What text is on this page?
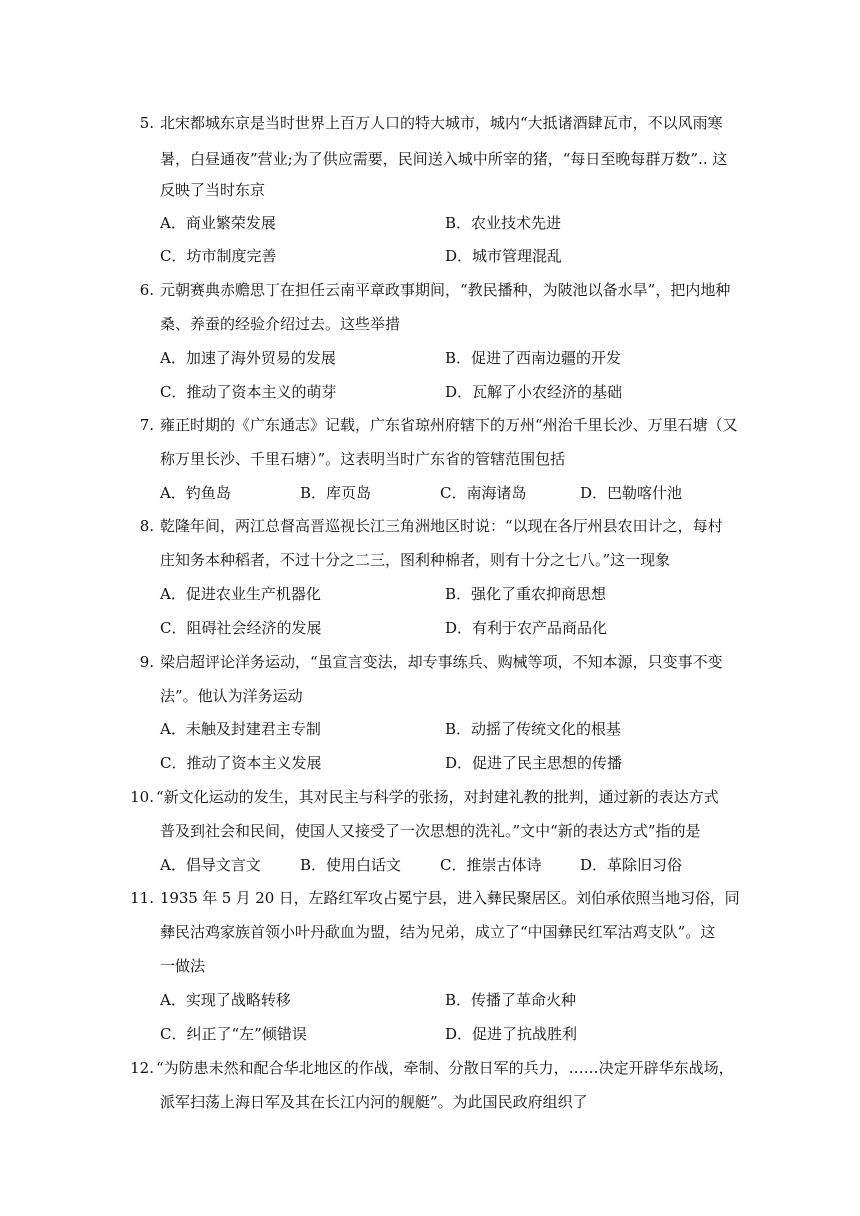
5. 北宋都城东京是当时世界上百万人口的特大城市，城内“大抵诸酒肆瓦市，不以风雨寒
暑，白昼通夜”营业;为了供应需要，民间送入城中所宰的猪，“每日至晚每群万数”.. 这
反映了当时东京
A．商业繁荣发展	B．农业技术先进
C．坊市制度完善	D．城市管理混乱
6. 元朝赛典赤赡思丁在担任云南平章政事期间，“教民播种，为陂池以备水旱”，把内地种
桑、养蚕的经验介绍过去。这些举措
A．加速了海外贸易的发展	B．促进了西南边疆的开发
C．推动了资本主义的萌芽	D．瓦解了小农经济的基础
7. 雍正时期的《广东通志》记载，广东省琼州府辖下的万州“州治千里长沙、万里石塘（又
称万里长沙、千里石塘）”。这表明当时广东省的管辖范围包括
A．钓鱼岛	B．库页岛	C．南海诸岛	D．巴勒喀什池
8. 乾隆年间，两江总督高晋巡视长江三角洲地区时说：“以现在各厅州县农田计之，每村
庄知务本种稻者，不过十分之二三，图利种棉者，则有十分之七八。”这一现象
A．促进农业生产机器化	B．强化了重农抑商思想
C．阻碍社会经济的发展	D．有利于农产品商品化
9. 梁启超评论洋务运动，“虽宣言变法，却专事练兵、购械等项，不知本源，只变事不变
法”。他认为洋务运动
A．未触及封建君主专制	B．动摇了传统文化的根基
C．推动了资本主义发展	D．促进了民主思想的传播
10. “新文化运动的发生，其对民主与科学的张扬，对封建礼教的批判，通过新的表达方式
普及到社会和民间，使国人又接受了一次思想的洗礼。”文中“新的表达方式”指的是
A．倡导文言文	B．使用白话文	C．推崇古体诗	D．革除旧习俗
11. 1935 年 5 月 20 日，左路红军攻占冕宁县，进入彝民聚居区。刘伯承依照当地习俗，同
彝民沽鸡家族首领小叶丹歃血为盟，结为兄弟，成立了“中国彝民红军沽鸡支队”。这
一做法
A．实现了战略转移	B．传播了革命火种
C．纠正了“左”倾错误	D．促进了抗战胜利
12. “为防患未然和配合华北地区的作战，牵制、分散日军的兵力，……决定开辟华东战场，
派军扫荡上海日军及其在长江内河的舰艇”。为此国民政府组织了
